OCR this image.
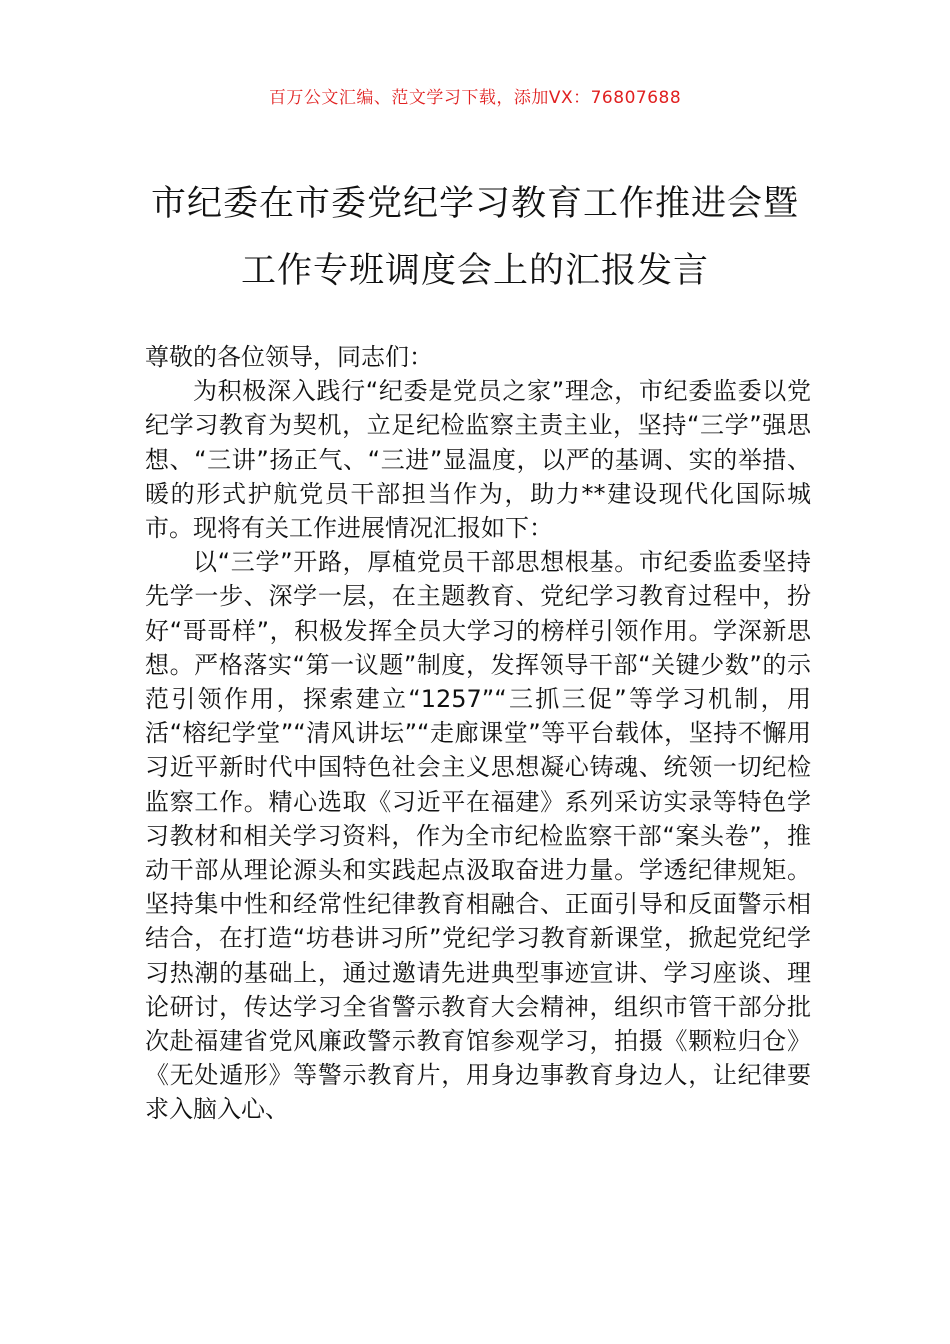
百万公文汇编、范文学习下载，添加VX：76807688
市纪委在市委党纪学习教育工作推进会暨
工作专班调度会上的汇报发言

尊敬的各位领导，同志们：

为积极深入践行“纪委是党员之家”理念，市纪委监委以党纪学习教育为契机，立足纪检监察主责主业，坚持“三学”强思想、“三讲”扬正气、“三进”显温度，以严的基调、实的举措、暖的形式护航党员干部担当作为，助力**建设现代化国际城市。现将有关工作进展情况汇报如下：

以“三学”开路，厚植党员干部思想根基。市纪委监委坚持先学一步、深学一层，在主题教育、党纪学习教育过程中，扮好“哥哥样”，积极发挥全员大学习的榜样引领作用。学深新思想。严格落实“第一议题”制度，发挥领导干部“关键少数”的示范引领作用，探索建立“1257”“三抓三促”等学习机制，用活“榕纪学堂”“清风讲坛”“走廊课堂”等平台载体，坚持不懈用习近平新时代中国特色社会主义思想凝心铸魂、统领一切纪检监察工作。精心选取《习近平在福建》系列采访实录等特色学习教材和相关学习资料，作为全市纪检监察干部“案头卷”，推动干部从理论源头和实践起点汲取奋进力量。学透纪律规矩。坚持集中性和经常性纪律教育相融合、正面引导和反面警示相结合，在打造“坊巷讲习所”党纪学习教育新课堂，掀起党纪学习热潮的基础上，通过邀请先进典型事迹宣讲、学习座谈、理论研讨，传达学习全省警示教育大会精神，组织市管干部分批次赴福建省党风廉政警示教育馆参观学习，拍摄《颗粒归仓》《无处遁形》等警示教育片，用身边事教育身边人，让纪律要求入脑入心、
